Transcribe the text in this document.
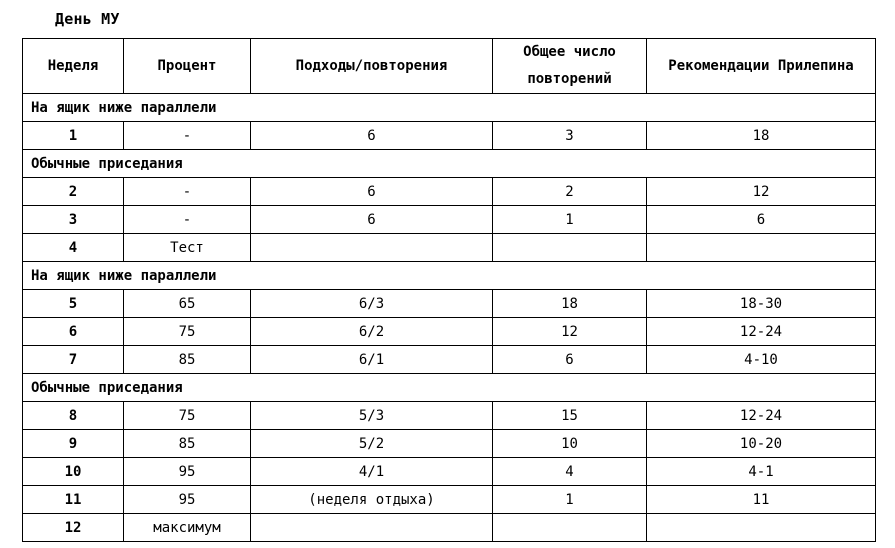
День МУ
Неделя	Процент	Подходы/повторения	Общее число повторений	Рекомендации Прилепина
На ящик ниже параллели				
1	-	6	3	18
Обычные приседания				
2	-	6	2	12
3	-	6	1	6
4	Тест			
На ящик ниже параллели				
5	65	6/3	18	18-30
6	75	6/2	12	12-24
7	85	6/1	6	4-10
Обычные приседания				
8	75	5/3	15	12-24
9	85	5/2	10	10-20
10	95	4/1	4	4-1
11	95	(неделя отдыха)	1	11
12	максимум			
